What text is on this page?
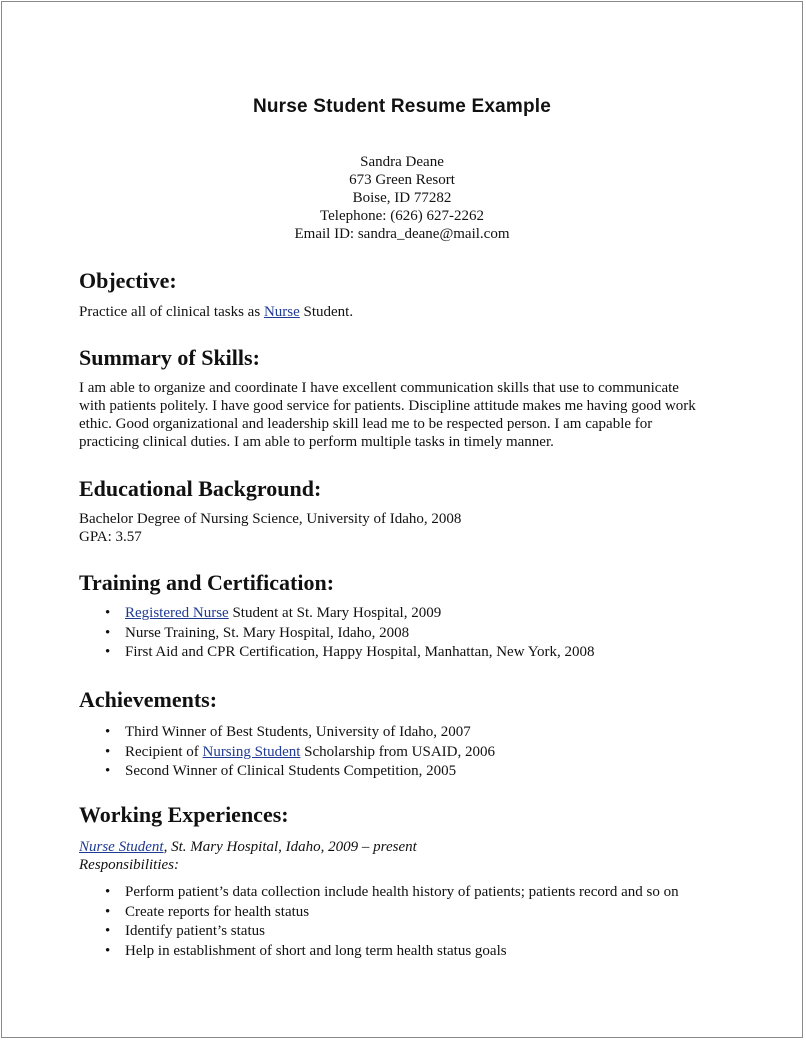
Nurse Student Resume Example
Sandra Deane
673 Green Resort
Boise, ID 77282
Telephone: (626) 627-2262
Email ID: sandra_deane@mail.com
Objective:

Practice all of clinical tasks as Nurse Student.

Summary of Skills:

I am able to organize and coordinate I have excellent communication skills that use to communicate
with patients politely. I have good service for patients. Discipline attitude makes me having good work
ethic. Good organizational and leadership skill lead me to be respected person. I am capable for
practicing clinical duties. I am able to perform multiple tasks in timely manner.

Educational Background:

Bachelor Degree of Nursing Science, University of Idaho, 2008
GPA: 3.57

Training and Certification:
• Registered Nurse Student at St. Mary Hospital, 2009
• Nurse Training, St. Mary Hospital, Idaho, 2008
• First Aid and CPR Certification, Happy Hospital, Manhattan, New York, 2008
Achievements:
• Third Winner of Best Students, University of Idaho, 2007
• Recipient of Nursing Student Scholarship from USAID, 2006
• Second Winner of Clinical Students Competition, 2005
Working Experiences:

Nurse Student, St. Mary Hospital, Idaho, 2009 – present

Responsibilities:

• Perform patient’s data collection include health history of patients; patients record and so on
• Create reports for health status
• Identify patient’s status
• Help in establishment of short and long term health status goals
